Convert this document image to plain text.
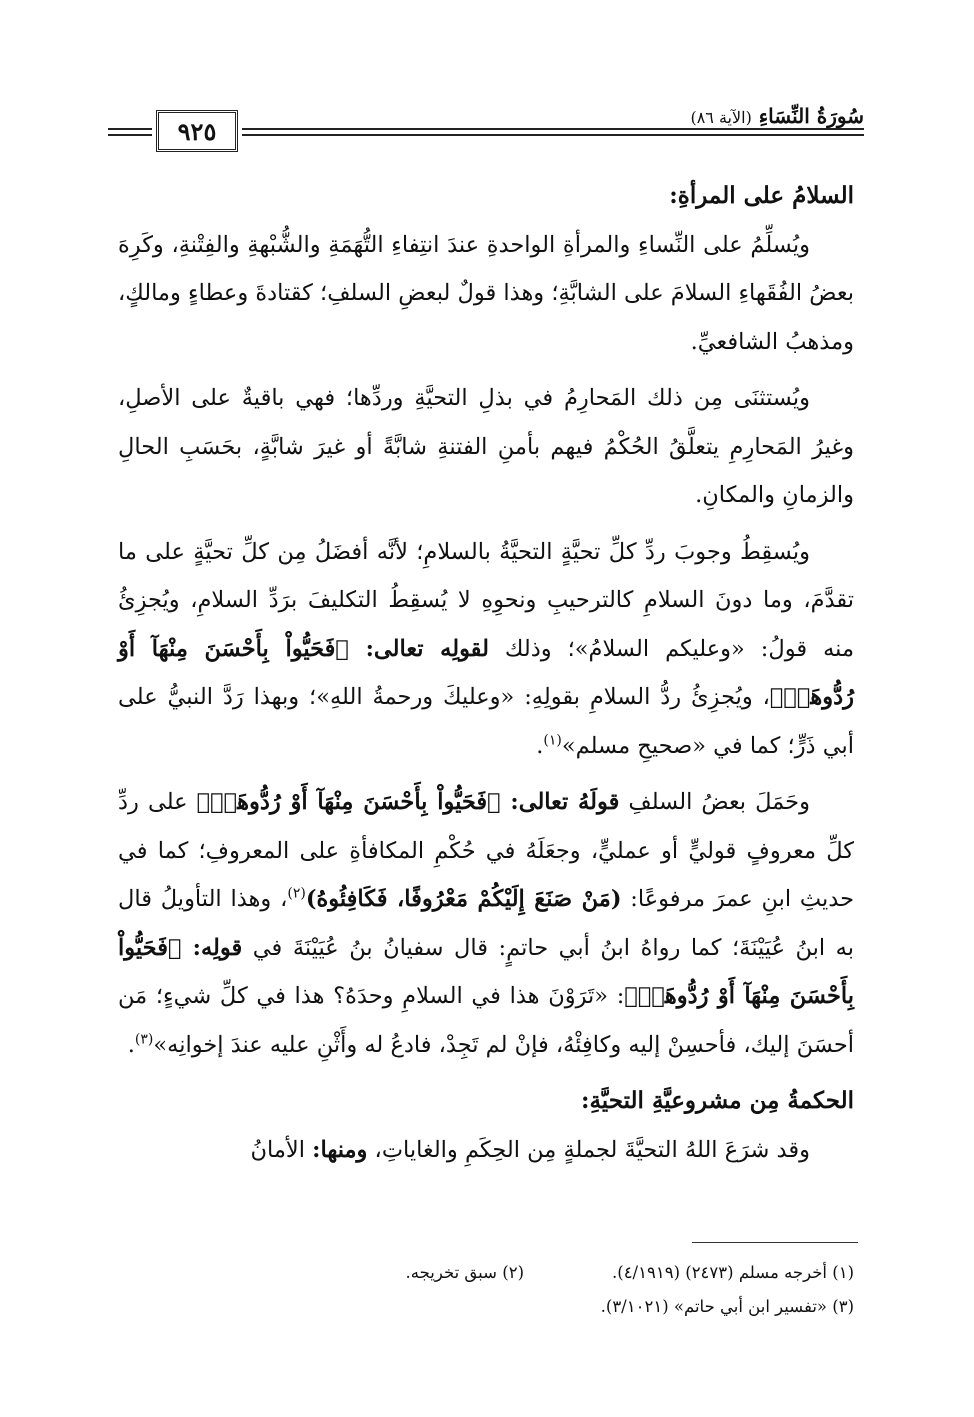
٩٢٥
سُورَةُ النِّسَاءِ (الآية ٨٦)

السلامُ على المرأةِ:

ويُسلِّمُ على النِّساءِ والمرأةِ الواحدةِ عندَ انتِفاءِ التُّهَمَةِ والشُّبْهةِ والفِتْنةِ، وكَرِهَ بعضُ الفُقَهاءِ السلامَ على الشابَّةِ؛ وهذا قولٌ لبعضِ السلفِ؛ كقتادةَ وعطاءٍ ومالكٍ، ومذهبُ الشافعيِّ.

ويُستثنَى مِن ذلك المَحارِمُ في بذلِ التحيَّةِ وردِّها؛ فهي باقيةٌ على الأصلِ، وغيرُ المَحارِمِ يتعلَّقُ الحُكْمُ فيهم بأمنِ الفتنةِ شابَّةً أو غيرَ شابَّةٍ، بحَسَبِ الحالِ والزمانِ والمكانِ.

ويُسقِطُ وجوبَ ردِّ كلِّ تحيَّةٍ التحيَّةُ بالسلامِ؛ لأنَّه أفضَلُ مِن كلِّ تحيَّةٍ على ما تقدَّمَ، وما دونَ السلامِ كالترحيبِ ونحوِهِ لا يُسقِطُ التكليفَ برَدِّ السلامِ، ويُجزِئُ منه قولُ: «وعليكم السلامُ»؛ وذلك لقولِه تعالى: ﴿فَحَيُّواْ بِأَحْسَنَ مِنْهَآ أَوْ رُدُّوهَآۗ﴾، ويُجزِئُ ردُّ السلامِ بقولِهِ: «وعليكَ ورحمةُ اللهِ»؛ وبهذا رَدَّ النبيُّ على أبي ذَرٍّ؛ كما في «صحيحِ مسلم»$^{(١)}$.

وحَمَلَ بعضُ السلفِ قولَهُ تعالى: ﴿فَحَيُّواْ بِأَحْسَنَ مِنْهَآ أَوْ رُدُّوهَآۗ﴾ على ردِّ كلِّ معروفٍ قوليٍّ أو عمليٍّ، وجعَلَهُ في حُكْمِ المكافأةِ على المعروفِ؛ كما في حديثِ ابنِ عمرَ مرفوعًا: (مَنْ صَنَعَ إِلَيْكُمْ مَعْرُوفًا، فَكَافِئُوهُ)$^{(٢)}$، وهذا التأويلُ قال به ابنُ عُيَيْنَةَ؛ كما رواهُ ابنُ أبي حاتمٍ: قال سفيانُ بنُ عُيَيْنَةَ في قولِه: ﴿فَحَيُّواْ بِأَحْسَنَ مِنْهَآ أَوْ رُدُّوهَآۗ﴾: «تَرَوْنَ هذا في السلامِ وحدَهُ؟ هذا في كلِّ شيءٍ؛ مَن أحسَنَ إليك، فأحسِنْ إليه وكافِئْهُ، فإنْ لم تَجِدْ، فادعُ له وأَثْنِ عليه عندَ إخوانِه»$^{(٣)}$.

الحكمةُ مِن مشروعيَّةِ التحيَّةِ:

وقد شرَعَ اللهُ التحيَّةَ لجملةٍ مِن الحِكَمِ والغاياتِ، ومنها: الأمانُ

(١) أخرجه مسلم (٢٤٧٣) (٤/١٩١٩).
(٢) سبق تخريجه.
(٣) «تفسير ابن أبي حاتم» (٣/١٠٢١).
